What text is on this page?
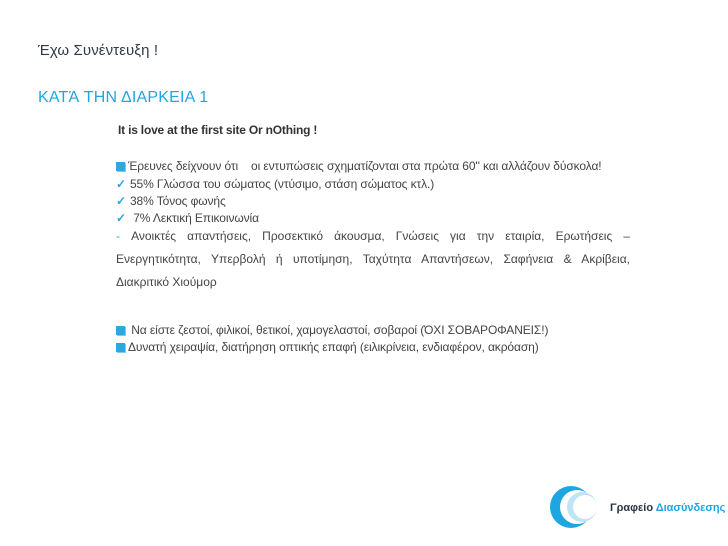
Έχω Συνέντευξη !
ΚΑΤΆ ΤΗΝ ΔΙΑΡΚΕΙΑ 1
It is love at the first site Or nOthing !
Έρευνες δείχνουν ότι οι εντυπώσεις σχηματίζονται στα πρώτα 60'' και αλλάζουν δύσκολα!
✓ 55% Γλώσσα του σώματος (ντύσιμο, στάση σώματος κτλ.)
✓ 38% Τόνος φωνής
✓ 7% Λεκτική Επικοινωνία
- Ανοικτές απαντήσεις, Προσεκτικό άκουσμα, Γνώσεις για την εταιρία, Ερωτήσεις –
Ενεργητικότητα, Υπερβολή ή υποτίμηση, Ταχύτητα Απαντήσεων, Σαφήνεια & Ακρίβεια,
Διακριτικό Χιούμορ
Να είστε ζεστοί, φιλικοί, θετικοί, χαμογελαστοί, σοβαροί (ΌΧΙ ΣΟΒΑΡΟΦΑΝΕΙΣ!)
Δυνατή χειραψία, διατήρηση οπτικής επαφή (ειλικρίνεια, ενδιαφέρον, ακρόαση)
Γραφείο Διασύνδεσης
